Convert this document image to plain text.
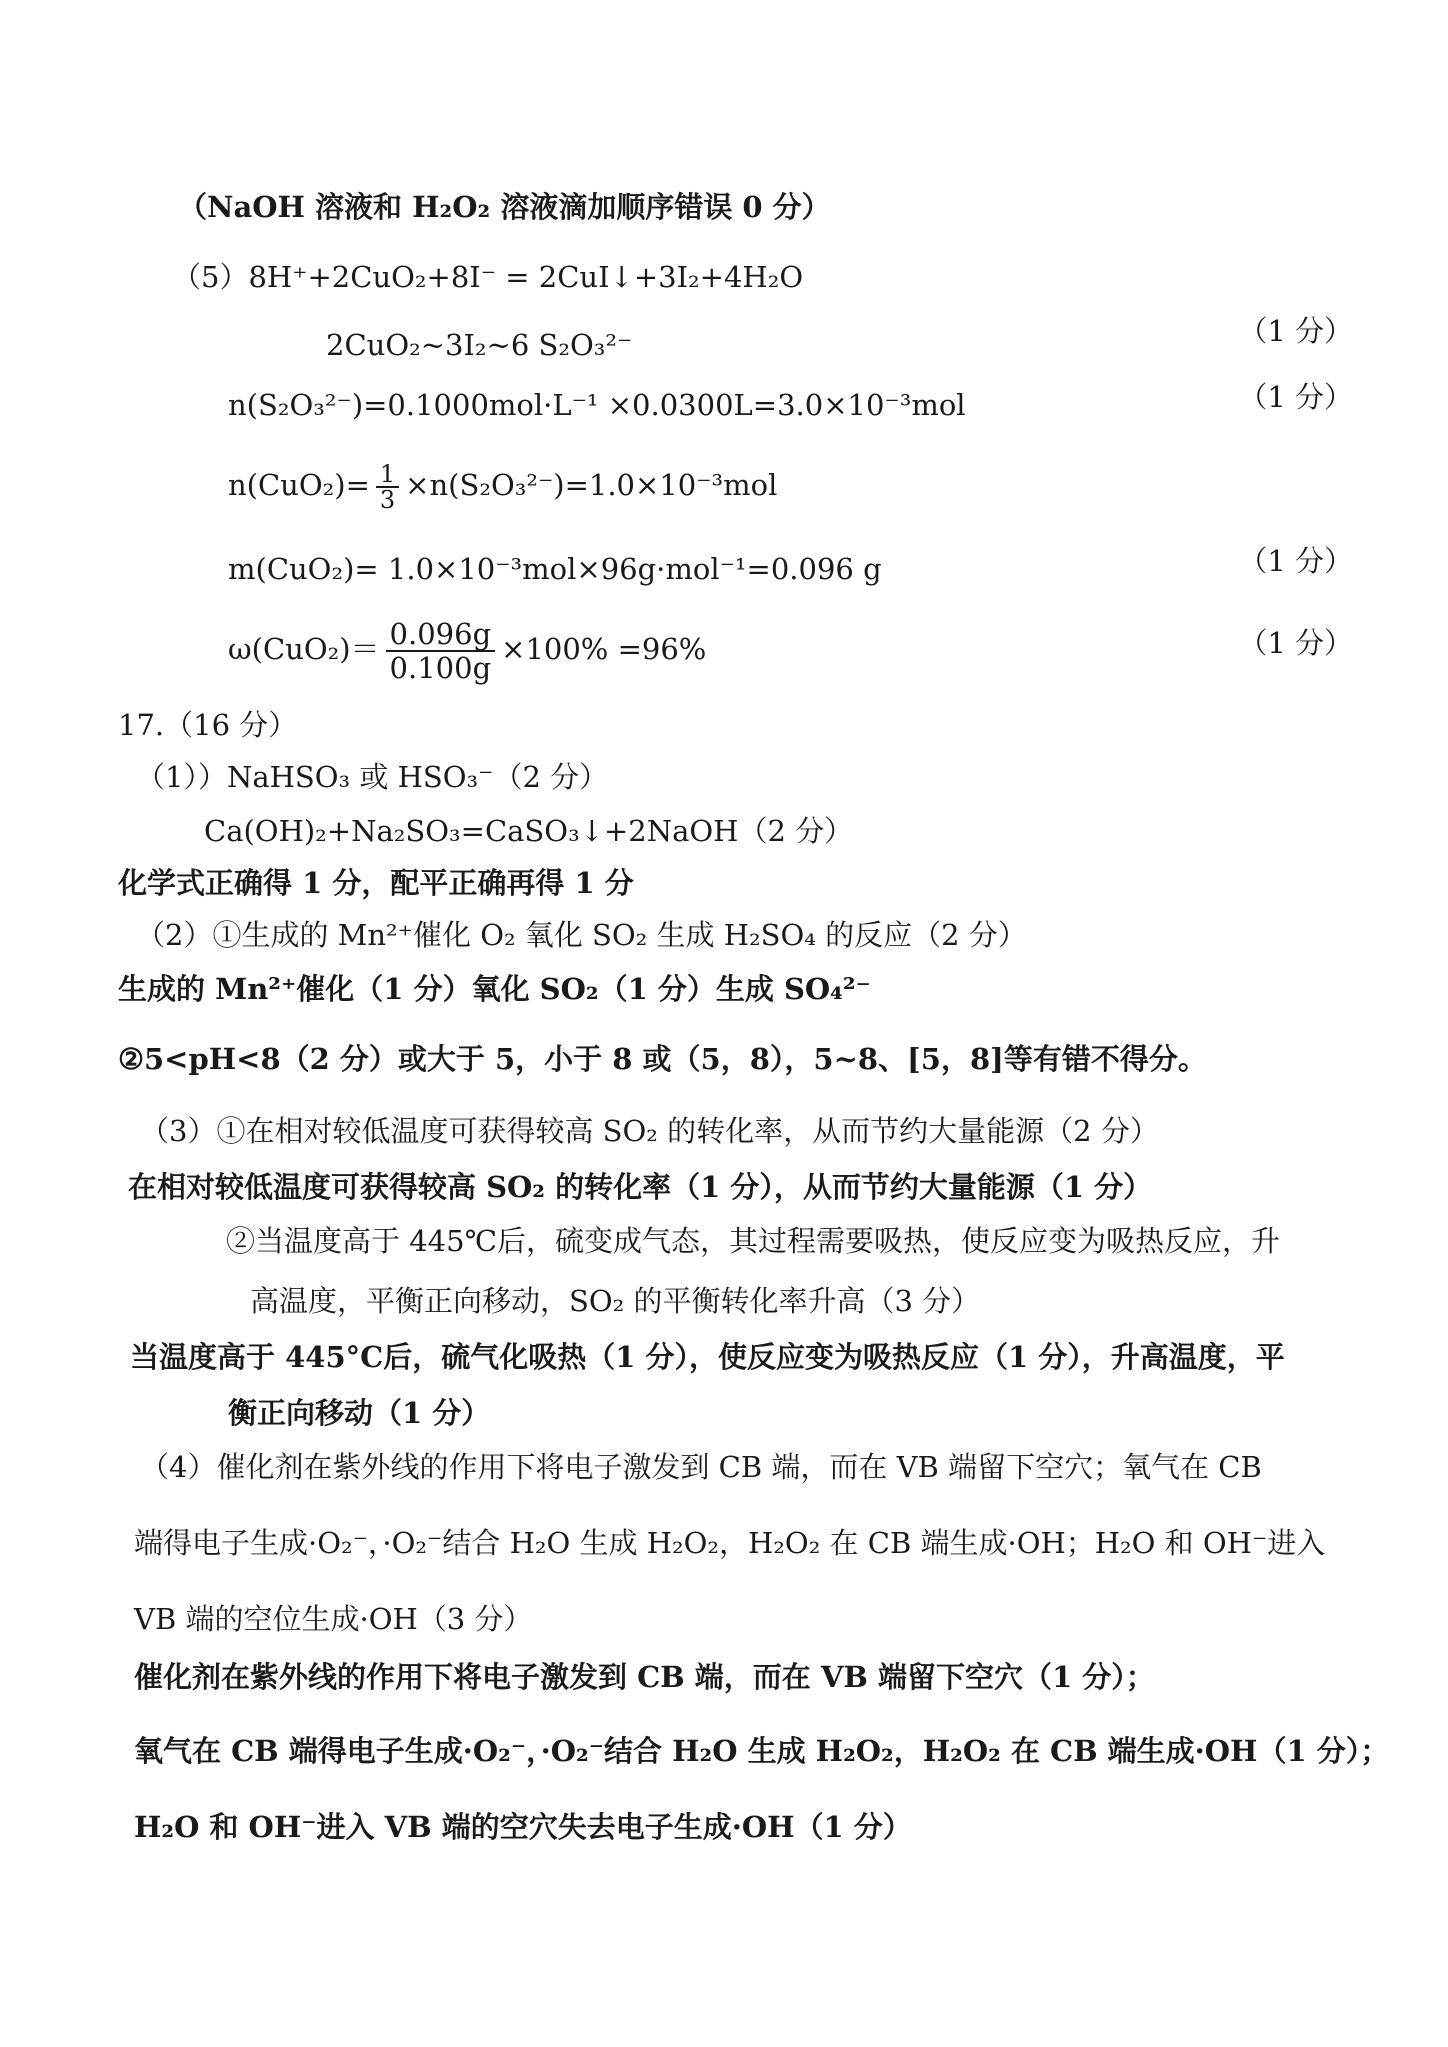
（NaOH 溶液和 H₂O₂ 溶液滴加顺序错误 0 分）
（5）8H⁺+2CuO₂+8I⁻ = 2CuI↓+3I₂+4H₂O
2CuO₂~3I₂~6 S₂O₃²⁻	（1 分）
n(S₂O₃²⁻)=0.1000mol·L⁻¹ ×0.0300L=3.0×10⁻³mol	（1 分）
$n(CuO_2)= \frac{1}{3} \times n(S_2O_3^{2-})=1.0\times 10^{-3}mol$
m(CuO₂)= 1.0×10⁻³mol×96g·mol⁻¹=0.096 g	（1 分）
$\omega(CuO_2)= \frac{0.096g}{0.100g} \times 100\% =96\%$	（1 分）
17.（16 分）
（1））NaHSO₃ 或 HSO₃⁻（2 分）
Ca(OH)₂+Na₂SO₃=CaSO₃↓+2NaOH（2 分）
化学式正确得 1 分，配平正确再得 1 分
（2）①生成的 Mn²⁺催化 O₂ 氧化 SO₂ 生成 H₂SO₄ 的反应（2 分）
生成的 Mn²⁺催化（1 分）氧化 SO₂（1 分）生成 SO₄²⁻
②5<pH<8（2 分）或大于 5，小于 8 或（5，8），5~8、[5，8]等有错不得分。
（3）①在相对较低温度可获得较高 SO₂ 的转化率，从而节约大量能源（2 分）
在相对较低温度可获得较高 SO₂ 的转化率（1 分），从而节约大量能源（1 分）
②当温度高于 445℃后，硫变成气态，其过程需要吸热，使反应变为吸热反应，升
高温度，平衡正向移动，SO₂ 的平衡转化率升高（3 分）
当温度高于 445°C后，硫气化吸热（1 分），使反应变为吸热反应（1 分），升高温度，平
衡正向移动（1 分）
（4）催化剂在紫外线的作用下将电子激发到 CB 端，而在 VB 端留下空穴；氧气在 CB
端得电子生成·O₂⁻，·O₂⁻结合 H₂O 生成 H₂O₂，H₂O₂ 在 CB 端生成·OH；H₂O 和 OH⁻进入
VB 端的空位生成·OH（3 分）
催化剂在紫外线的作用下将电子激发到 CB 端，而在 VB 端留下空穴（1 分）；
氧气在 CB 端得电子生成·O₂⁻，·O₂⁻结合 H₂O 生成 H₂O₂，H₂O₂ 在 CB 端生成·OH（1 分）；
H₂O 和 OH⁻进入 VB 端的空穴失去电子生成·OH（1 分）
